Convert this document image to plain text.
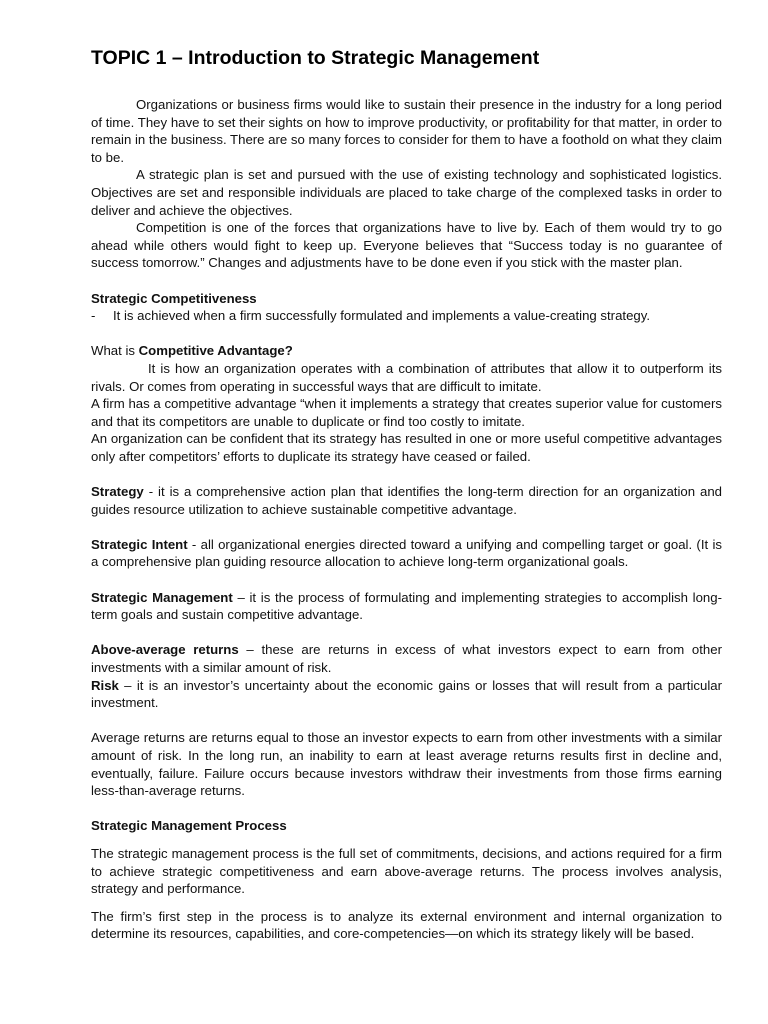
TOPIC 1 – Introduction to Strategic Management

Organizations or business firms would like to sustain their presence in the industry for a long period of time. They have to set their sights on how to improve productivity, or profitability for that matter, in order to remain in the business. There are so many forces to consider for them to have a foothold on what they claim to be.

A strategic plan is set and pursued with the use of existing technology and sophisticated logistics. Objectives are set and responsible individuals are placed to take charge of the complexed tasks in order to deliver and achieve the objectives.

Competition is one of the forces that organizations have to live by. Each of them would try to go ahead while others would fight to keep up. Everyone believes that “Success today is no guarantee of success tomorrow.” Changes and adjustments have to be done even if you stick with the master plan.

Strategic Competitiveness

-	It is achieved when a firm successfully formulated and implements a value-creating strategy.

What is Competitive Advantage?

It is how an organization operates with a combination of attributes that allow it to outperform its rivals. Or comes from operating in successful ways that are difficult to imitate.

A firm has a competitive advantage “when it implements a strategy that creates superior value for customers and that its competitors are unable to duplicate or find too costly to imitate.

An organization can be confident that its strategy has resulted in one or more useful competitive advantages only after competitors’ efforts to duplicate its strategy have ceased or failed.

Strategy - it is a comprehensive action plan that identifies the long-term direction for an organization and guides resource utilization to achieve sustainable competitive advantage.

Strategic Intent - all organizational energies directed toward a unifying and compelling target or goal. (It is a comprehensive plan guiding resource allocation to achieve long-term organizational goals.

Strategic Management – it is the process of formulating and implementing strategies to accomplish long-term goals and sustain competitive advantage.

Above-average returns – these are returns in excess of what investors expect to earn from other investments with a similar amount of risk.

Risk – it is an investor’s uncertainty about the economic gains or losses that will result from a particular investment.

Average returns are returns equal to those an investor expects to earn from other investments with a similar amount of risk. In the long run, an inability to earn at least average returns results first in decline and, eventually, failure. Failure occurs because investors withdraw their investments from those firms earning less-than-average returns.

Strategic Management Process

The strategic management process is the full set of commitments, decisions, and actions required for a firm to achieve strategic competitiveness and earn above-average returns. The process involves analysis, strategy and performance.

The firm’s first step in the process is to analyze its external environment and internal organization to determine its resources, capabilities, and core-competencies—on which its strategy likely will be based.
